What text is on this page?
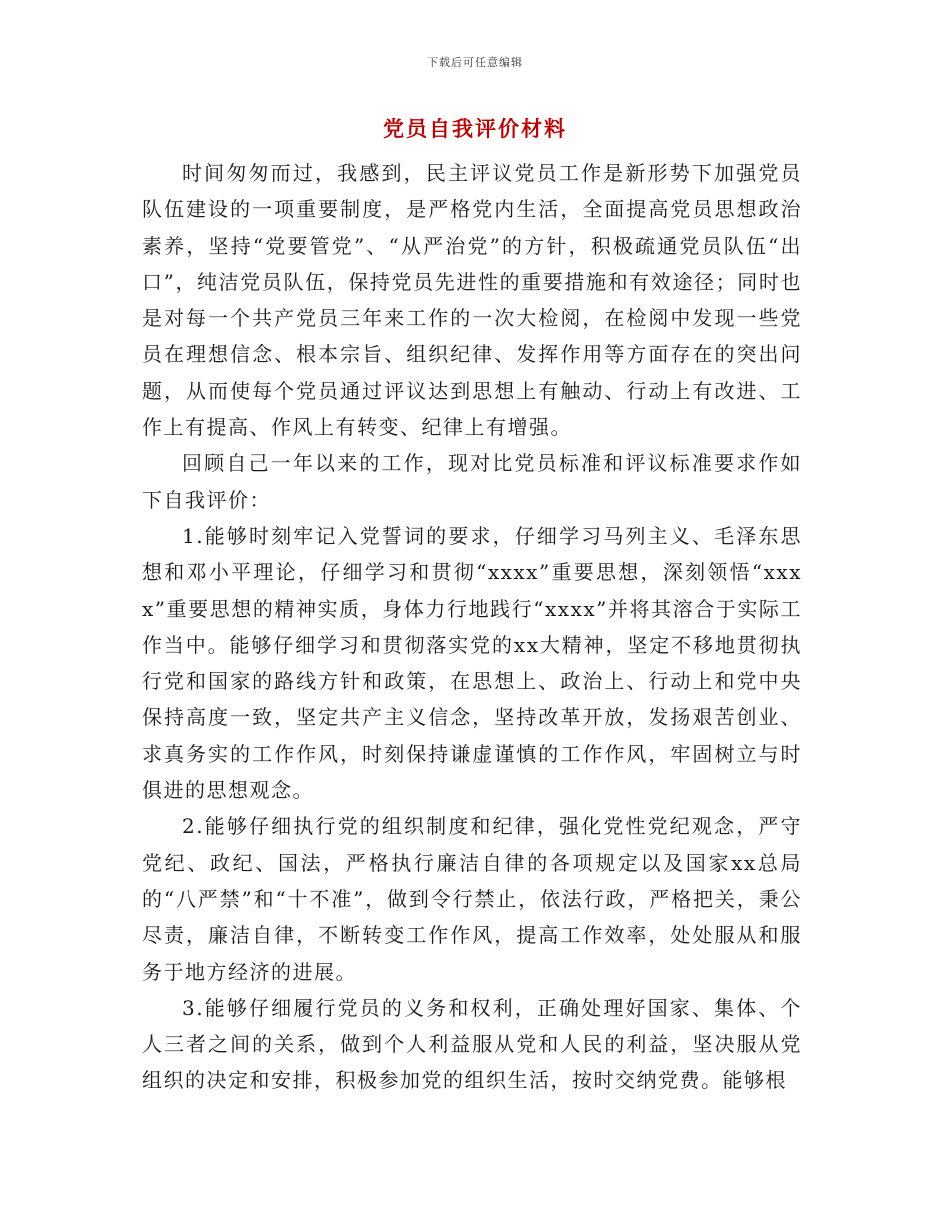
下载后可任意编辑
党员自我评价材料

时间匆匆而过，我感到，民主评议党员工作是新形势下加强党员队伍建设的一项重要制度，是严格党内生活，全面提高党员思想政治素养，坚持“党要管党”、“从严治党”的方针，积极疏通党员队伍“出口”，纯洁党员队伍，保持党员先进性的重要措施和有效途径；同时也是对每一个共产党员三年来工作的一次大检阅，在检阅中发现一些党员在理想信念、根本宗旨、组织纪律、发挥作用等方面存在的突出问题，从而使每个党员通过评议达到思想上有触动、行动上有改进、工作上有提高、作风上有转变、纪律上有增强。

回顾自己一年以来的工作，现对比党员标准和评议标准要求作如下自我评价：

1.能够时刻牢记入党誓词的要求，仔细学习马列主义、毛泽东思想和邓小平理论，仔细学习和贯彻“xxxx”重要思想，深刻领悟“xxxx”重要思想的精神实质，身体力行地践行“xxxx”并将其溶合于实际工作当中。能够仔细学习和贯彻落实党的xx大精神，坚定不移地贯彻执行党和国家的路线方针和政策，在思想上、政治上、行动上和党中央保持高度一致，坚定共产主义信念，坚持改革开放，发扬艰苦创业、求真务实的工作作风，时刻保持谦虚谨慎的工作作风，牢固树立与时俱进的思想观念。

2.能够仔细执行党的组织制度和纪律，强化党性党纪观念，严守党纪、政纪、国法，严格执行廉洁自律的各项规定以及国家xx总局的“八严禁”和“十不准”，做到令行禁止，依法行政，严格把关，秉公尽责，廉洁自律，不断转变工作作风，提高工作效率，处处服从和服务于地方经济的进展。

3.能够仔细履行党员的义务和权利，正确处理好国家、集体、个人三者之间的关系，做到个人利益服从党和人民的利益，坚决服从党组织的决定和安排，积极参加党的组织生活，按时交纳党费。能够根
